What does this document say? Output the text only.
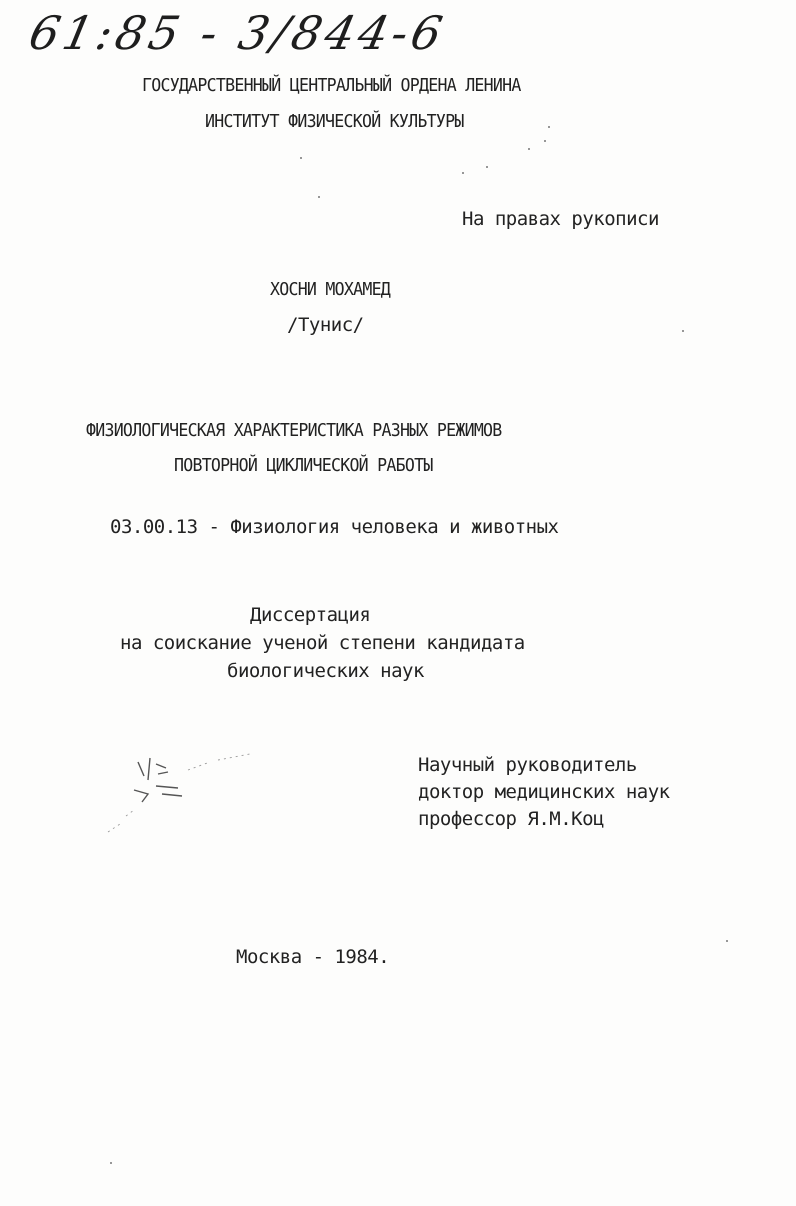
61:85 - 3/844-6
ГОСУДАРСТВЕННЫЙ ЦЕНТРАЛЬНЫЙ ОРДЕНА ЛЕНИНА
ИНСТИТУТ ФИЗИЧЕСКОЙ КУЛЬТУРЫ
На правах рукописи
ХОСНИ МОХАМЕД
/Тунис/
ФИЗИОЛОГИЧЕСКАЯ ХАРАКТЕРИСТИКА РАЗНЫХ РЕЖИМОВ
ПОВТОРНОЙ ЦИКЛИЧЕСКОЙ РАБОТЫ
03.00.13 - Физиология человека и животных
Диссертация
на соискание ученой степени кандидата
биологических наук
Научный руководитель
доктор медицинских наук
профессор Я.М.Коц
Москва - 1984.
